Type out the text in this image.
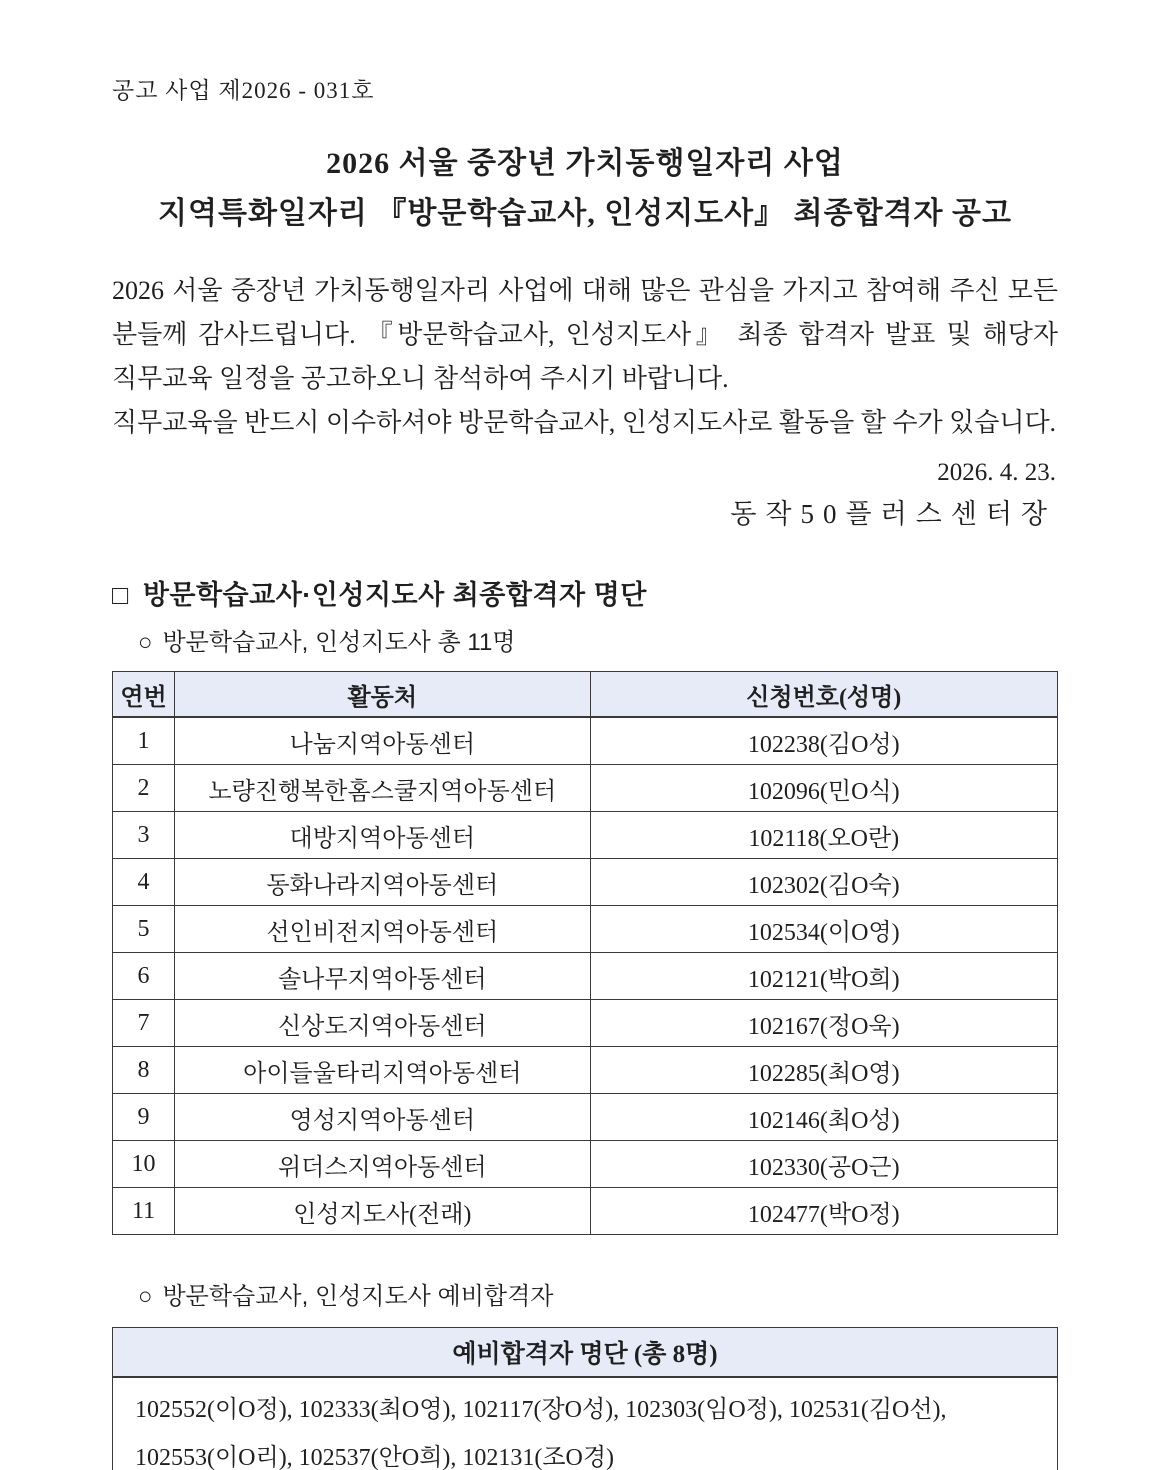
공고 사업 제2026 - 031호
2026 서울 중장년 가치동행일자리 사업
지역특화일자리 『방문학습교사, 인성지도사』 최종합격자 공고

2026 서울 중장년 가치동행일자리 사업에 대해 많은 관심을 가지고 참여해 주신 모든 분들께 감사드립니다. 『방문학습교사, 인성지도사』 최종 합격자 발표 및 해당자 직무교육 일정을 공고하오니 참석하여 주시기 바랍니다.

직무교육을 반드시 이수하셔야 방문학습교사, 인성지도사로 활동을 할 수가 있습니다.

2026. 4. 23.
동작50플러스센터장
□ 방문학습교사·인성지도사 최종합격자 명단
○ 방문학습교사, 인성지도사 총 11명
연번	활동처	신청번호(성명)
1	나눔지역아동센터	102238(김O성)
2	노량진행복한홈스쿨지역아동센터	102096(민O식)
3	대방지역아동센터	102118(오O란)
4	동화나라지역아동센터	102302(김O숙)
5	선인비전지역아동센터	102534(이O영)
6	솔나무지역아동센터	102121(박O희)
7	신상도지역아동센터	102167(정O욱)
8	아이들울타리지역아동센터	102285(최O영)
9	영성지역아동센터	102146(최O성)
10	위더스지역아동센터	102330(공O근)
11	인성지도사(전래)	102477(박O정)
○ 방문학습교사, 인성지도사 예비합격자
예비합격자 명단 (총 8명)

102552(이O정), 102333(최O영), 102117(장O성), 102303(임O정), 102531(김O선),
102553(이O리), 102537(안O희), 102131(조O경)
